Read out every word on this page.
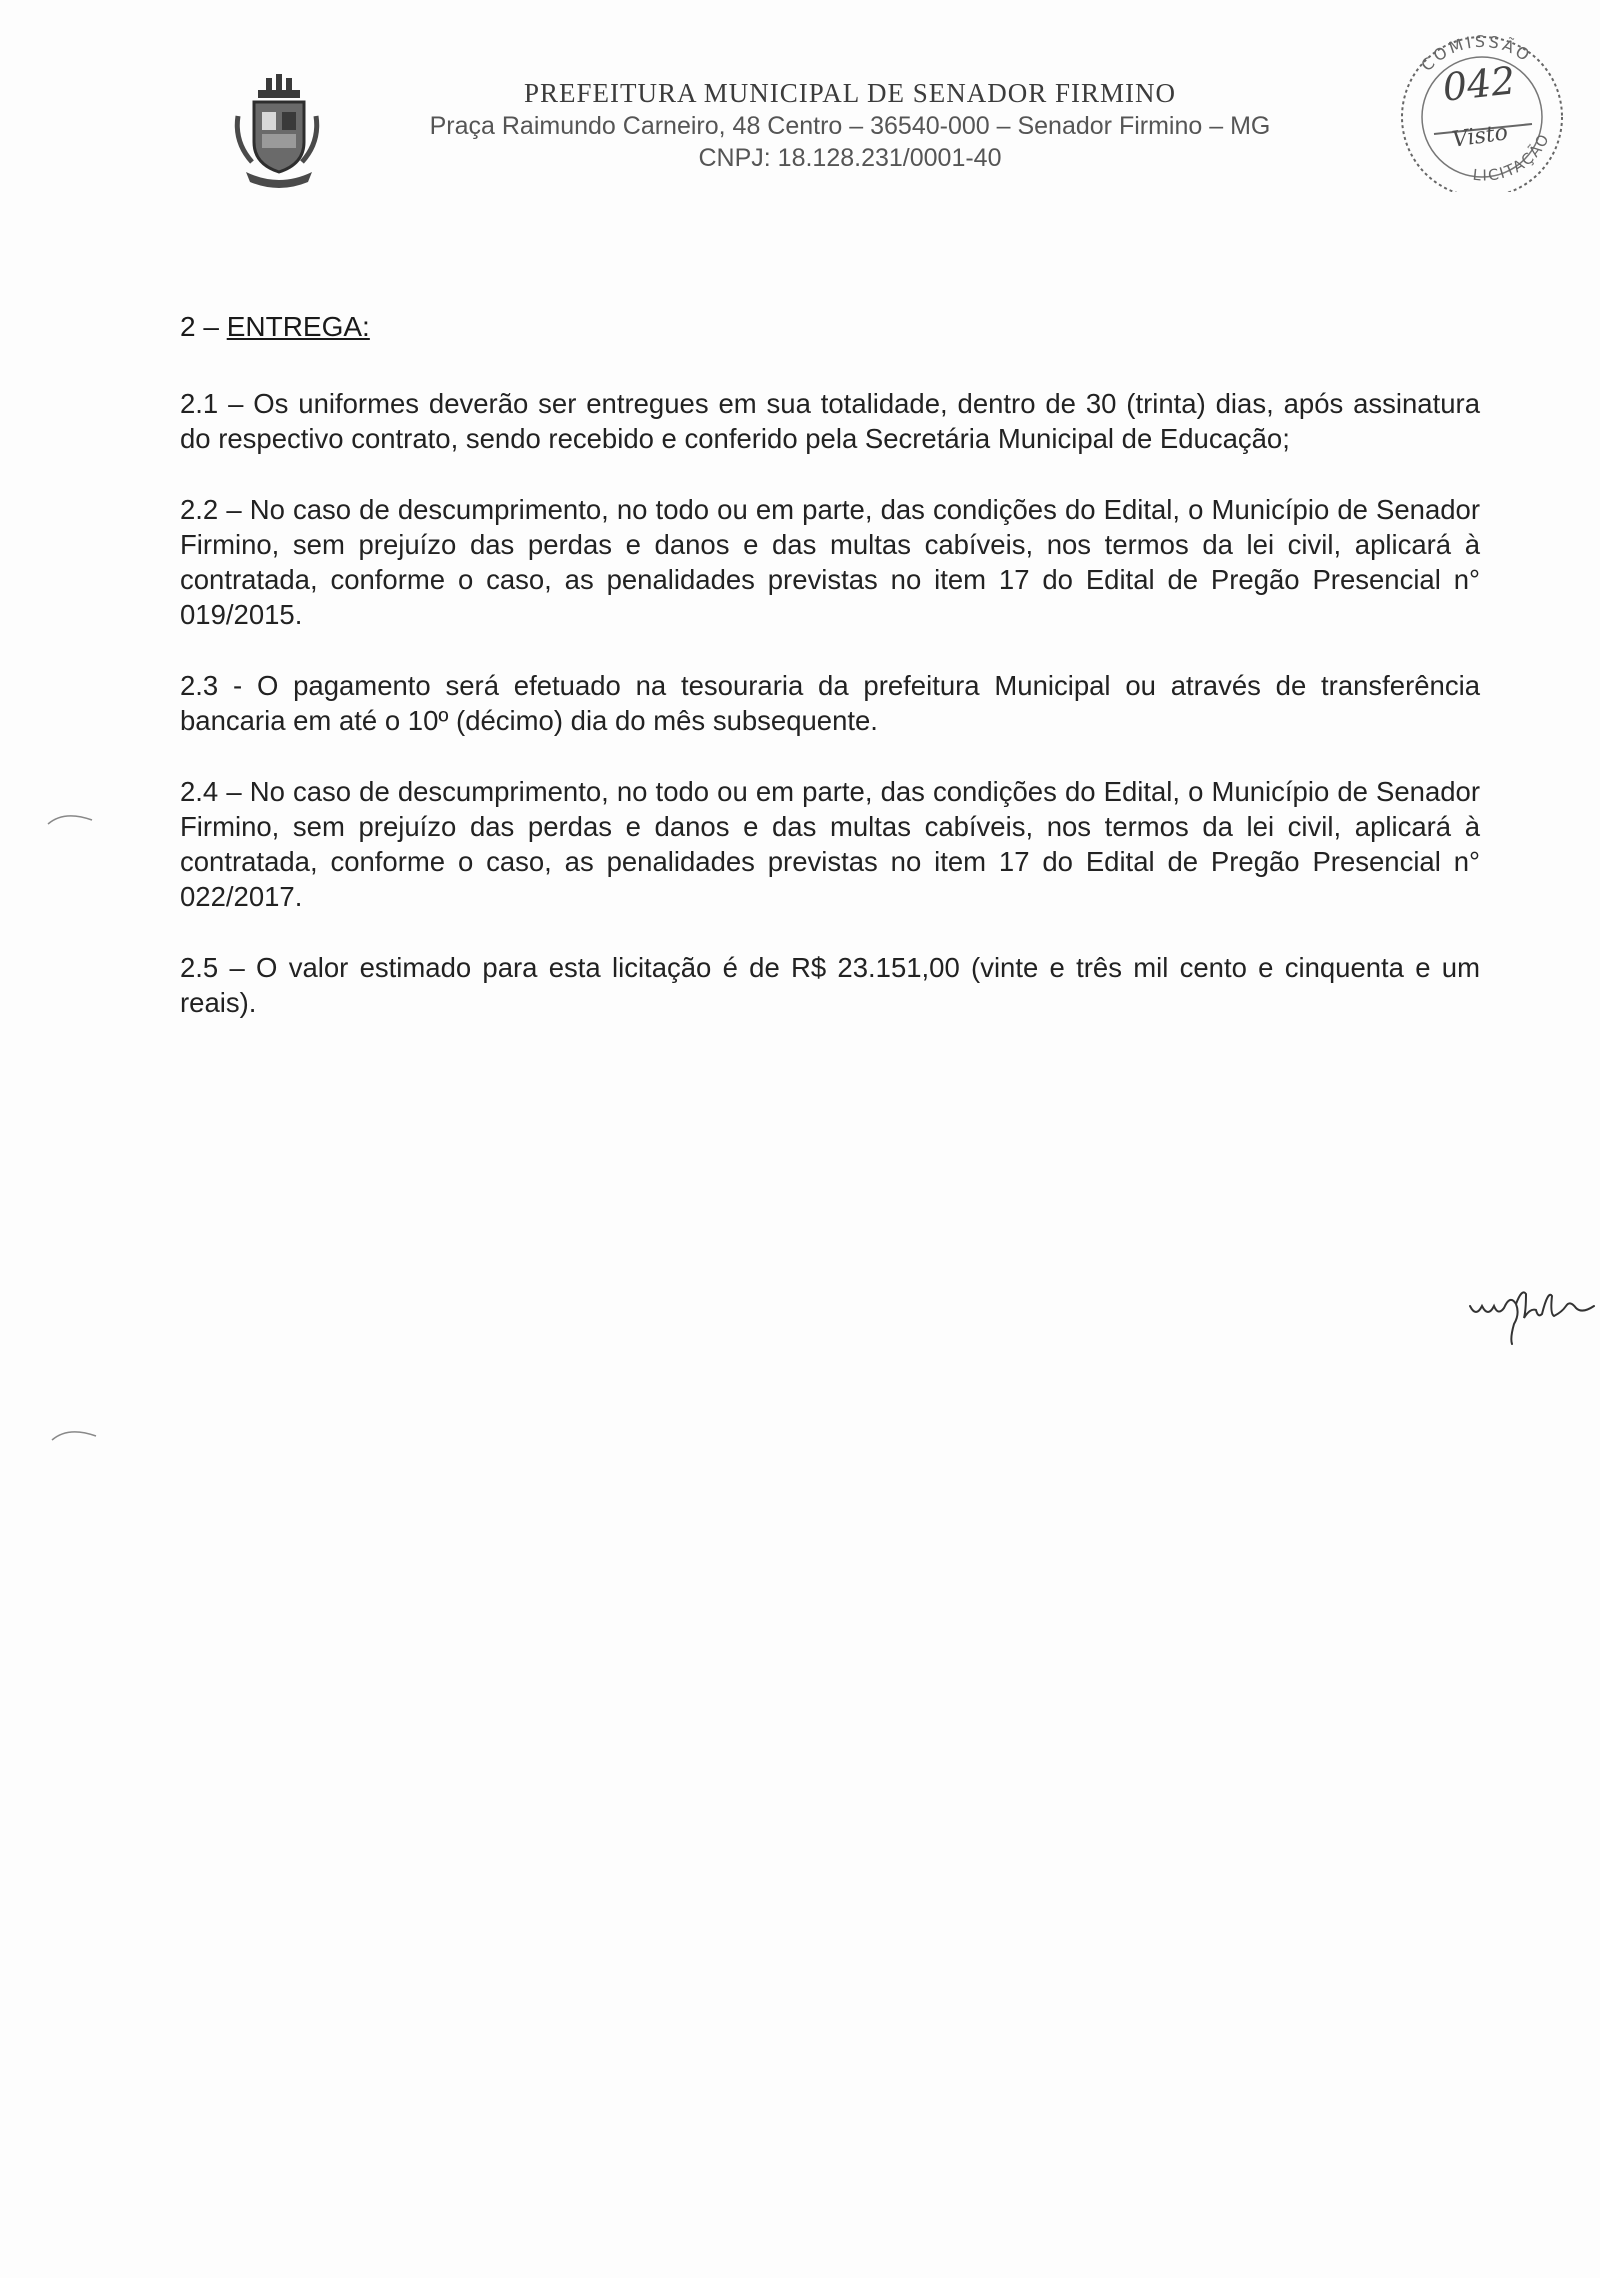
PREFEITURA MUNICIPAL DE SENADOR FIRMINO
Praça Raimundo Carneiro, 48 Centro – 36540-000 – Senador Firmino – MG
CNPJ: 18.128.231/0001-40
COMISSÃO
LICITAÇÃO
042
Visto
2 – ENTREGA:

2.1 – Os uniformes deverão ser entregues em sua totalidade, dentro de 30 (trinta) dias, após assinatura do respectivo contrato, sendo recebido e conferido pela Secretária Municipal de Educação;

2.2 – No caso de descumprimento, no todo ou em parte, das condições do Edital, o Município de Senador Firmino, sem prejuízo das perdas e danos e das multas cabíveis, nos termos da lei civil, aplicará à contratada, conforme o caso, as penalidades previstas no item 17 do Edital de Pregão Presencial n° 019/2015.

2.3 - O pagamento será efetuado na tesouraria da prefeitura Municipal ou através de transferência bancaria em até o 10º (décimo) dia do mês subsequente.

2.4 – No caso de descumprimento, no todo ou em parte, das condições do Edital, o Município de Senador Firmino, sem prejuízo das perdas e danos e das multas cabíveis, nos termos da lei civil, aplicará à contratada, conforme o caso, as penalidades previstas no item 17 do Edital de Pregão Presencial n° 022/2017.

2.5 – O valor estimado para esta licitação é de R$ 23.151,00 (vinte e três mil cento e cinquenta e um reais).
